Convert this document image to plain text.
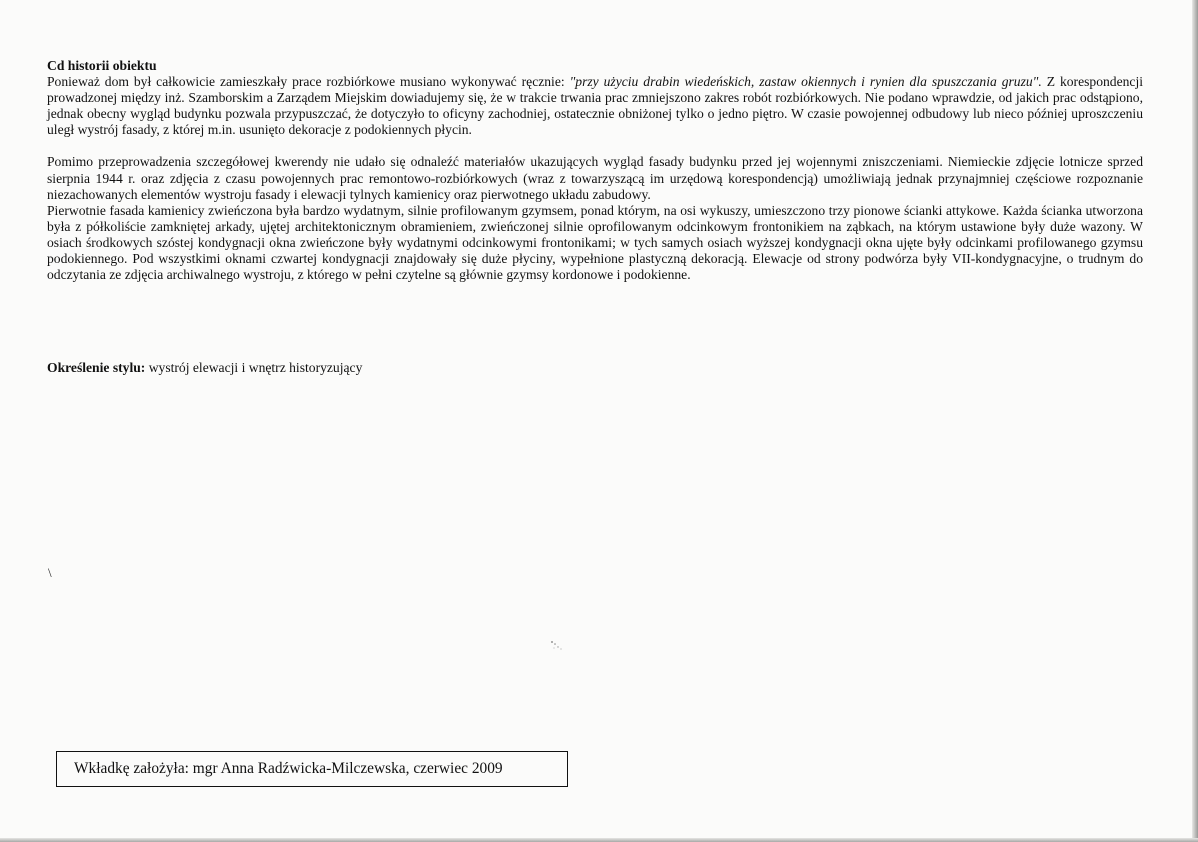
Cd historii obiektu

Ponieważ dom był całkowicie zamieszkały prace rozbiórkowe musiano wykonywać ręcznie: "przy użyciu drabin wiedeńskich, zastaw okiennych i rynien dla spuszczania gruzu". Z korespondencji prowadzonej między inż. Szamborskim a Zarządem Miejskim dowiadujemy się, że w trakcie trwania prac zmniejszono zakres robót rozbiórkowych. Nie podano wprawdzie, od jakich prac odstąpiono, jednak obecny wygląd budynku pozwala przypuszczać, że dotyczyło to oficyny zachodniej, ostatecznie obniżonej tylko o jedno piętro. W czasie powojennej odbudowy lub nieco później uproszczeniu uległ wystrój fasady, z której m.in. usunięto dekoracje z podokiennych płycin.

Pomimo przeprowadzenia szczegółowej kwerendy nie udało się odnaleźć materiałów ukazujących wygląd fasady budynku przed jej wojennymi zniszczeniami. Niemieckie zdjęcie lotnicze sprzed sierpnia 1944 r. oraz zdjęcia z czasu powojennych prac remontowo-rozbiórkowych (wraz z towarzyszącą im urzędową korespondencją) umożliwiają jednak przynajmniej częściowe rozpoznanie niezachowanych elementów wystroju fasady i elewacji tylnych kamienicy oraz pierwotnego układu zabudowy.

Pierwotnie fasada kamienicy zwieńczona była bardzo wydatnym, silnie profilowanym gzymsem, ponad którym, na osi wykuszy, umieszczono trzy pionowe ścianki attykowe. Każda ścianka utworzona była z półkoliście zamkniętej arkady, ujętej architektonicznym obramieniem, zwieńczonej silnie oprofilowanym odcinkowym frontonikiem na ząbkach, na którym ustawione były duże wazony. W osiach środkowych szóstej kondygnacji okna zwieńczone były wydatnymi odcinkowymi frontonikami; w tych samych osiach wyższej kondygnacji okna ujęte były odcinkami profilowanego gzymsu podokiennego. Pod wszystkimi oknami czwartej kondygnacji znajdowały się duże płyciny, wypełnione plastyczną dekoracją. Elewacje od strony podwórza były VII-kondygnacyjne, o trudnym do odczytania ze zdjęcia archiwalnego wystroju, z którego w pełni czytelne są głównie gzymsy kordonowe i podokienne.

Określenie stylu: wystrój elewacji i wnętrz historyzujący

\
Wkładkę założyła: mgr Anna Radźwicka-Milczewska, czerwiec 2009
